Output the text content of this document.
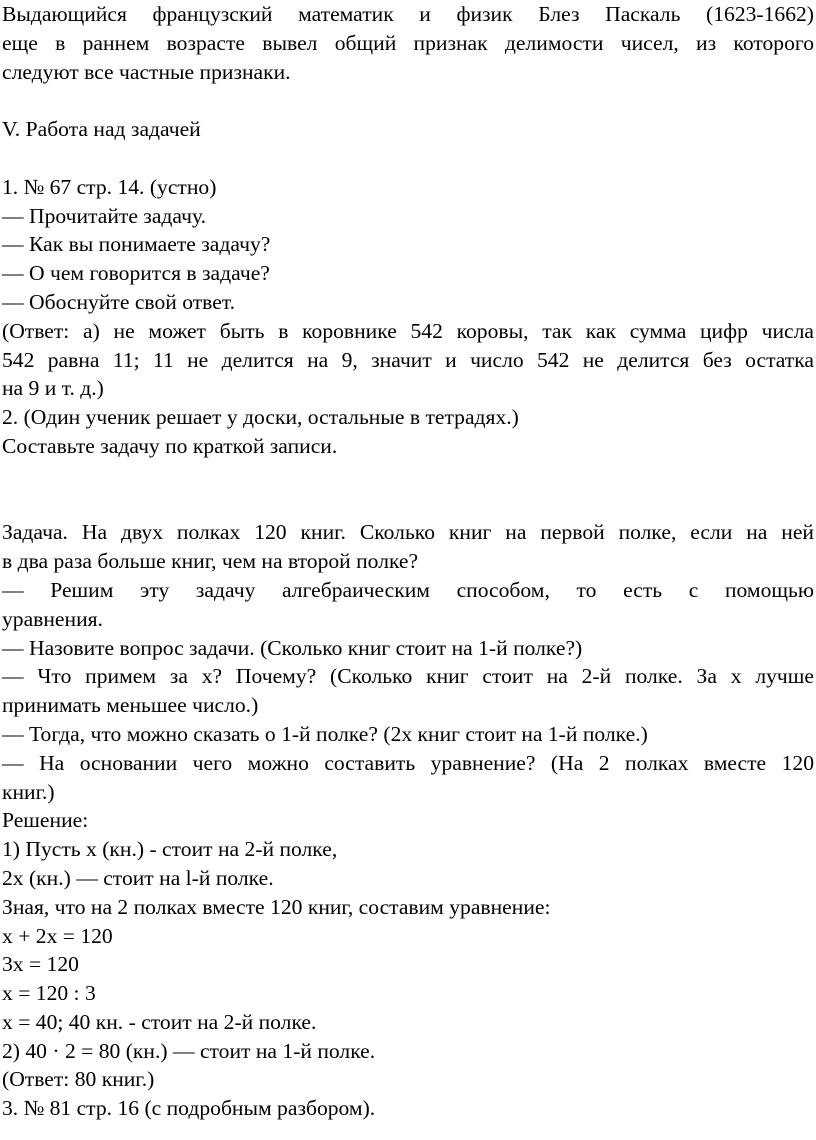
Выдающийся французский математик и физик Блез Паскаль (1623-1662)
еще в раннем возрасте вывел общий признак делимости чисел, из которого
следуют все частные признаки.
V. Работа над задачей
1. № 67 стр. 14. (устно)
— Прочитайте задачу.
— Как вы понимаете задачу?
— О чем говорится в задаче?
— Обоснуйте свой ответ.
(Ответ: а) не может быть в коровнике 542 коровы, так как сумма цифр числа
542 равна 11; 11 не делится на 9, значит и число 542 не делится без остатка
на 9 и т. д.)
2. (Один ученик решает у доски, остальные в тетрадях.)
Составьте задачу по краткой записи.
Задача. На двух полках 120 книг. Сколько книг на первой полке, если на ней
в два раза больше книг, чем на второй полке?
— Решим эту задачу алгебраическим способом, то есть с помощью
уравнения.
— Назовите вопрос задачи. (Сколько книг стоит на 1-й полке?)
— Что примем за х? Почему? (Сколько книг стоит на 2-й полке. За х лучше
принимать меньшее число.)
— Тогда, что можно сказать о 1-й полке? (2х книг стоит на 1-й полке.)
— На основании чего можно составить уравнение? (На 2 полках вместе 120
книг.)
Решение:
1) Пусть х (кн.) - стоит на 2-й полке,
2х (кн.) — стоит на l-й полке.
Зная, что на 2 полках вместе 120 книг, составим уравнение:
х + 2х = 120
3х = 120
х = 120 : 3
х = 40; 40 кн. - стоит на 2-й полке.
2) 40 · 2 = 80 (кн.) — стоит на 1-й полке.
(Ответ: 80 книг.)
3. № 81 стр. 16 (с подробным разбором).
